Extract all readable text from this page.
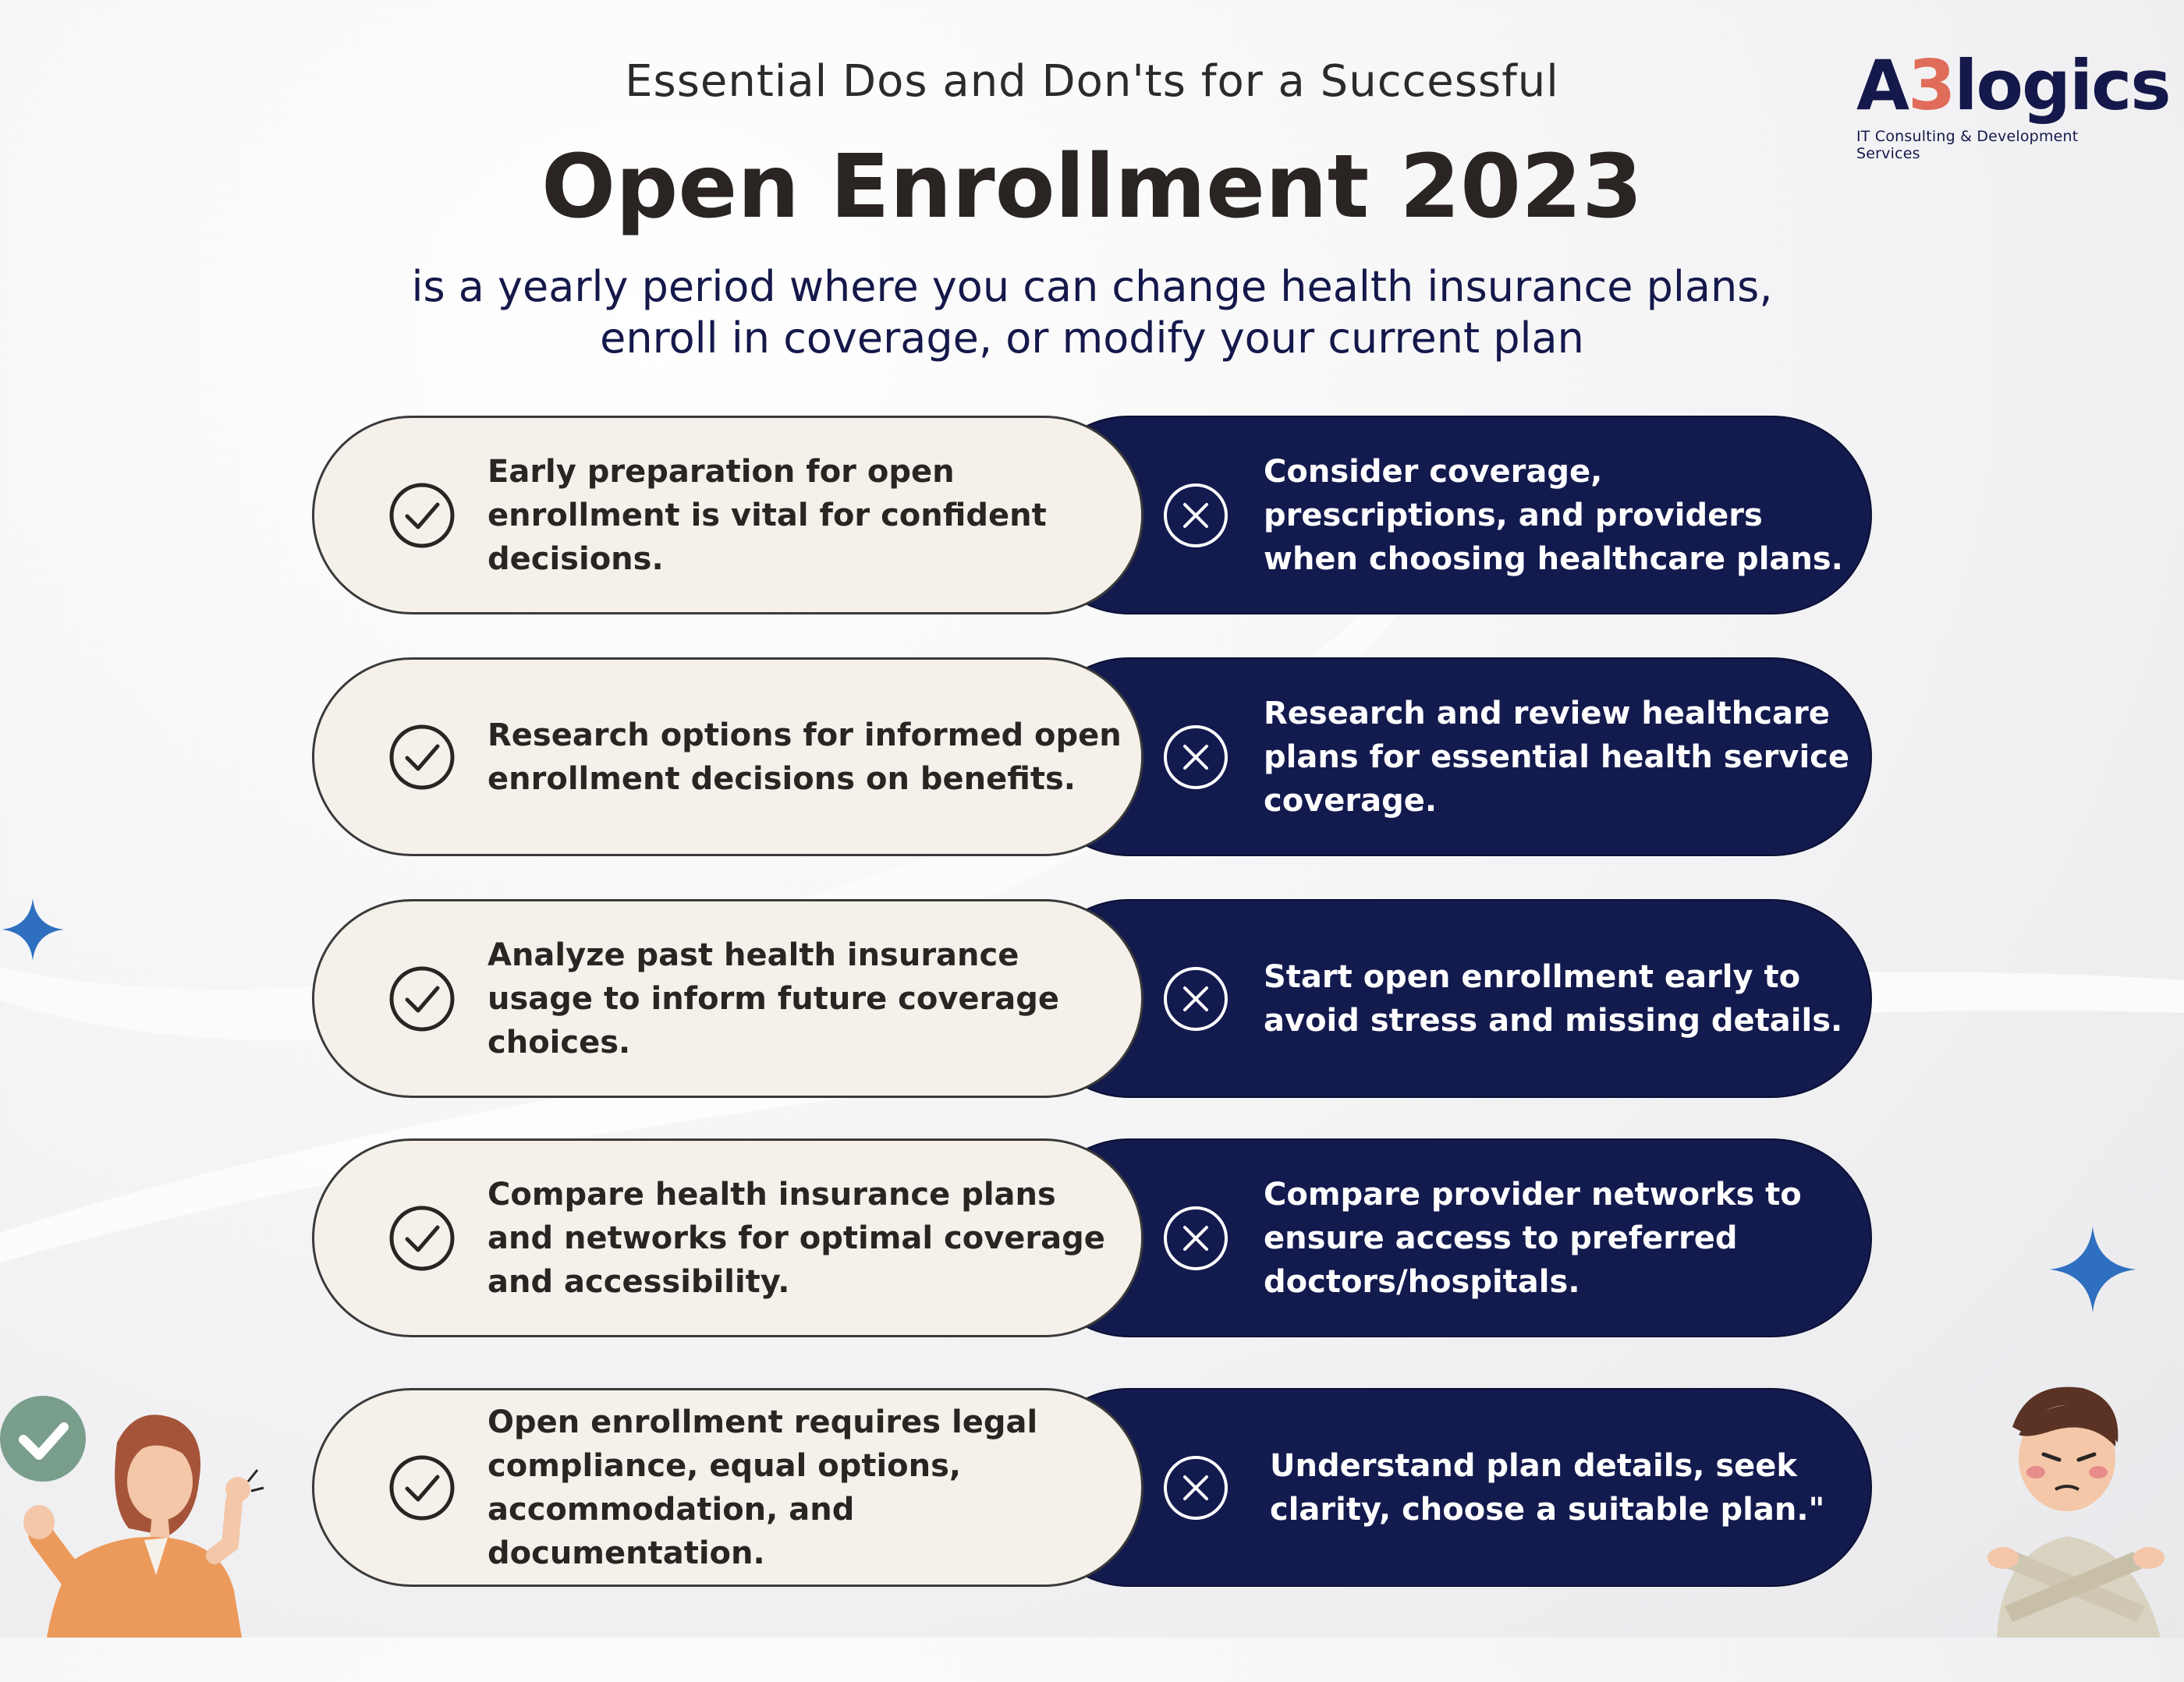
Essential Dos and Don'ts for a Successful
Open Enrollment 2023
is a yearly period where you can change health insurance plans,
enroll in coverage, or modify your current plan
A3logics
IT Consulting & Development Services
Early preparation for open enrollment is vital for confident decisions.
Consider coverage, prescriptions, and providers when choosing healthcare plans.
Research options for informed open enrollment decisions on benefits.
Research and review healthcare plans for essential health service coverage.
Analyze past health insurance usage to inform future coverage choices.
Start open enrollment early to avoid stress and missing details.
Compare health insurance plans and networks for optimal coverage and accessibility.
Compare provider networks to ensure access to preferred doctors/hospitals.
Open enrollment requires legal compliance, equal options, accommodation, and documentation.
Understand plan details, seek clarity, choose a suitable plan."
